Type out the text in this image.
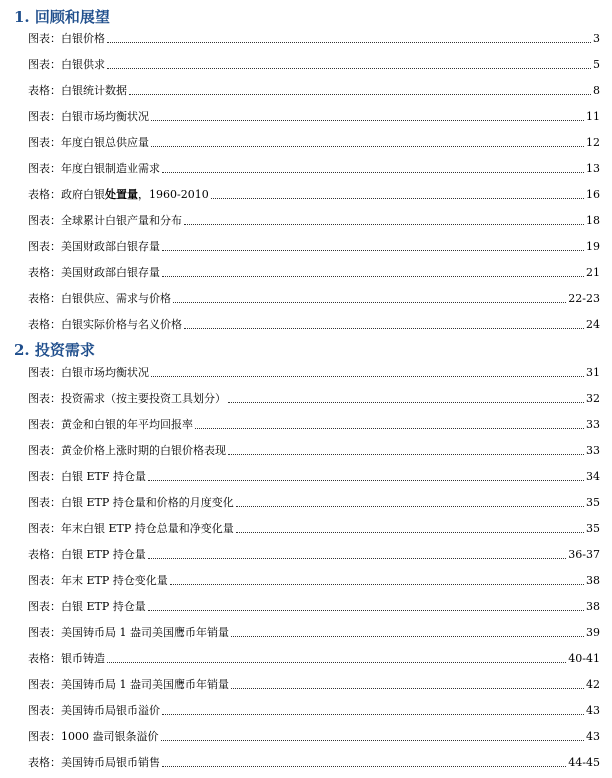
1. 回顾和展望
图表： 白银价格	3
图表： 白银供求	5
表格： 白银统计数据	8
图表： 白银市场均衡状况	11
图表： 年度白银总供应量	12
图表： 年度白银制造业需求	13
表格： 政府白银处置量，1960-2010	16
图表： 全球累计白银产量和分布	18
图表： 美国财政部白银存量	19
表格： 美国财政部白银存量	21
表格： 白银供应、需求与价格	22-23
表格： 白银实际价格与名义价格	24
2. 投资需求
图表： 白银市场均衡状况	31
图表： 投资需求（按主要投资工具划分）	32
图表： 黄金和白银的年平均回报率	33
图表： 黄金价格上涨时期的白银价格表现	33
图表： 白银 ETF 持仓量	34
图表： 白银 ETP 持仓量和价格的月度变化	35
图表： 年末白银 ETP 持仓总量和净变化量	35
表格： 白银 ETP 持仓量	36-37
图表： 年末 ETP 持仓变化量	38
图表： 白银 ETP 持仓量	38
图表： 美国铸币局 1 盎司美国鹰币年销量	39
表格： 银币铸造	40-41
图表： 美国铸币局 1 盎司美国鹰币年销量	42
图表： 美国铸币局银币溢价	43
图表： 1000 盎司银条溢价	43
表格： 美国铸币局银币销售	44-45
